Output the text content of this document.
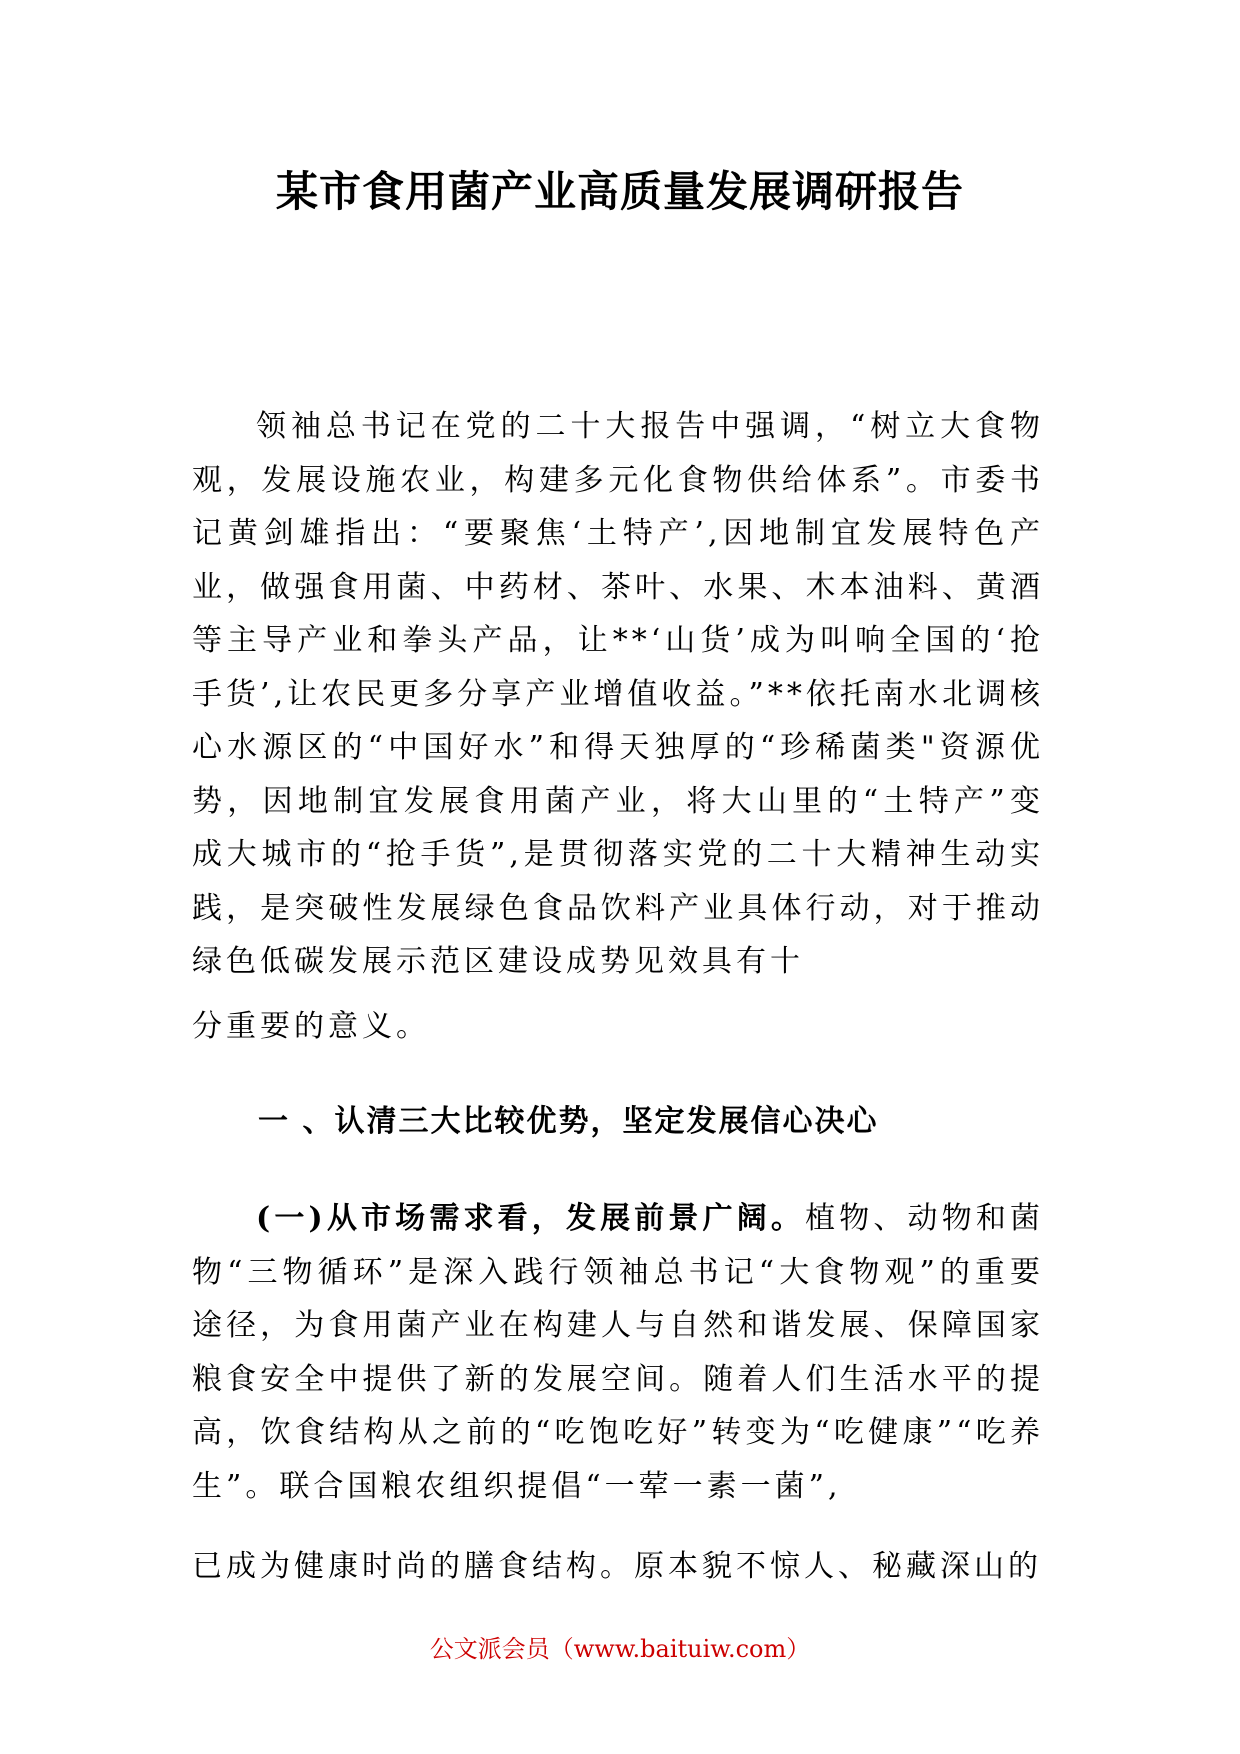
某市食用菌产业高质量发展调研报告

领袖总书记在党的二十大报告中强调，“树立大食物观，发展设施农业，构建多元化食物供给体系”。市委书记黄剑雄指出：“要聚焦‘土特产’,因地制宜发展特色产业，做强食用菌、中药材、茶叶、水果、木本油料、黄酒等主导产业和拳头产品，让**‘山货’成为叫响全国的‘抢手货’,让农民更多分享产业增值收益。”**依托南水北调核心水源区的“中国好水”和得天独厚的“珍稀菌类"资源优势，因地制宜发展食用菌产业，将大山里的“土特产”变成大城市的“抢手货”,是贯彻落实党的二十大精神生动实践，是突破性发展绿色食品饮料产业具体行动，对于推动绿色低碳发展示范区建设成势见效具有十

分重要的意义。

一 、认清三大比较优势，坚定发展信心决心

(一)从市场需求看，发展前景广阔。植物、动物和菌物“三物循环”是深入践行领袖总书记“大食物观”的重要途径，为食用菌产业在构建人与自然和谐发展、保障国家粮食安全中提供了新的发展空间。随着人们生活水平的提高，饮食结构从之前的“吃饱吃好”转变为“吃健康”“吃养生”。联合国粮农组织提倡“一荤一素一菌”,

已成为健康时尚的膳食结构。原本貌不惊人、秘藏深山的

公文派会员（www.baituiw.com）
